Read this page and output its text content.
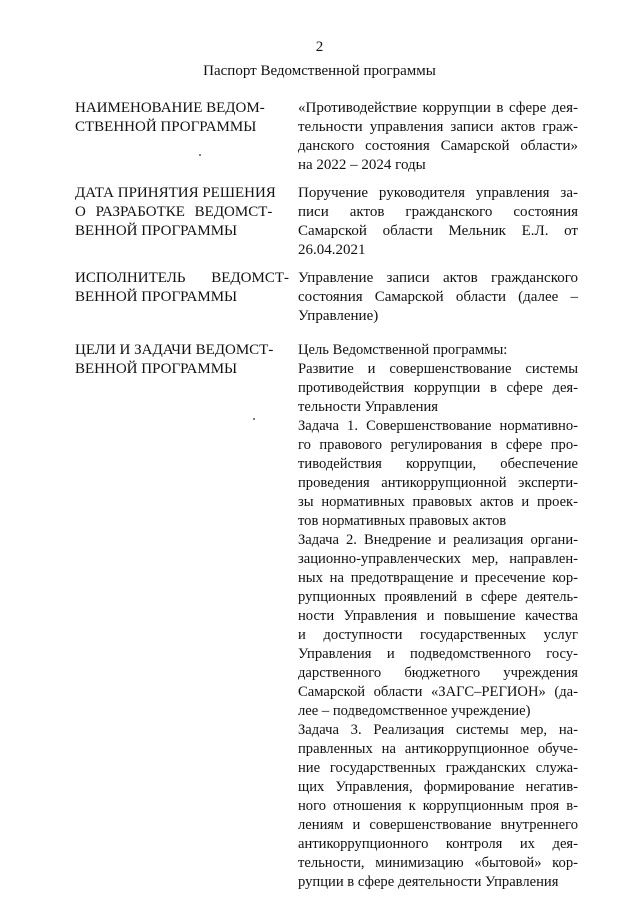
2
Паспорт Ведомственной программы
НАИМЕНОВАНИЕ ВЕДОМ-
СТВЕННОЙ ПРОГРАММЫ
«Противодействие коррупции в сфере дея-
тельности управления записи актов граж-
данского состояния Самарской области»
на 2022 – 2024 годы
ДАТА ПРИНЯТИЯ РЕШЕНИЯ
О РАЗРАБОТКЕ ВЕДОМСТ-
ВЕННОЙ ПРОГРАММЫ
Поручение руководителя управления за-
писи актов гражданского состояния
Самарской области Мельник Е.Л. от
26.04.2021
ИСПОЛНИТЕЛЬ ВЕДОМСТ-
ВЕННОЙ ПРОГРАММЫ
Управление записи актов гражданского
состояния Самарской области (далее –
Управление)
ЦЕЛИ И ЗАДАЧИ ВЕДОМСТ-
ВЕННОЙ ПРОГРАММЫ
Цель Ведомственной программы:
Развитие и совершенствование системы
противодействия коррупции в сфере дея-
тельности Управления
Задача 1. Совершенствование нормативно-
го правового регулирования в сфере про-
тиводействия коррупции, обеспечение
проведения антикоррупционной эксперти-
зы нормативных правовых актов и проек-
тов нормативных правовых актов
Задача 2. Внедрение и реализация органи-
зационно-управленческих мер, направлен-
ных на предотвращение и пресечение кор-
рупционных проявлений в сфере деятель-
ности Управления и повышение качества
и доступности государственных услуг
Управления и подведомственного госу-
дарственного бюджетного учреждения
Самарской области «ЗАГС–РЕГИОН» (да-
лее – подведомственное учреждение)
Задача 3. Реализация системы мер, на-
правленных на антикоррупционное обуче-
ние государственных гражданских служа-
щих Управления, формирование негатив-
ного отношения к коррупционным проя в-
лениям и совершенствование внутреннего
антикоррупционного контроля их дея-
тельности, минимизацию «бытовой» кор-
рупции в сфере деятельности Управления
